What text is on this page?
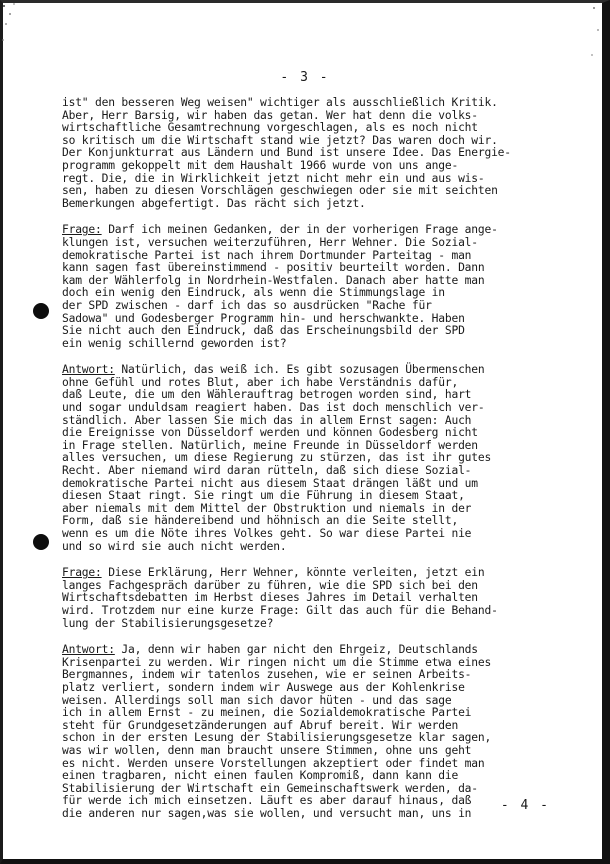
- 3 -
ist" den besseren Weg weisen" wichtiger als ausschließlich Kritik.
Aber, Herr Barsig, wir haben das getan. Wer hat denn die volks-
wirtschaftliche Gesamtrechnung vorgeschlagen, als es noch nicht
so kritisch um die Wirtschaft stand wie jetzt? Das waren doch wir.
Der Konjunkturrat aus Ländern und Bund ist unsere Idee. Das Energie-
programm gekoppelt mit dem Haushalt 1966 wurde von uns ange-
regt. Die, die in Wirklichkeit jetzt nicht mehr ein und aus wis-
sen, haben zu diesen Vorschlägen geschwiegen oder sie mit seichten
Bemerkungen abgefertigt. Das rächt sich jetzt.
Frage: Darf ich meinen Gedanken, der in der vorherigen Frage ange-
klungen ist, versuchen weiterzuführen, Herr Wehner. Die Sozial-
demokratische Partei ist nach ihrem Dortmunder Parteitag - man
kann sagen fast übereinstimmend - positiv beurteilt worden. Dann
kam der Wählerfolg in Nordrhein-Westfalen. Danach aber hatte man
doch ein wenig den Eindruck, als wenn die Stimmungslage in
der SPD zwischen - darf ich das so ausdrücken "Rache für
Sadowa" und Godesberger Programm hin- und herschwankte. Haben
Sie nicht auch den Eindruck, daß das Erscheinungsbild der SPD
ein wenig schillernd geworden ist?
Antwort: Natürlich, das weiß ich. Es gibt sozusagen Übermenschen
ohne Gefühl und rotes Blut, aber ich habe Verständnis dafür,
daß Leute, die um den Wählerauftrag betrogen worden sind, hart
und sogar unduldsam reagiert haben. Das ist doch menschlich ver-
ständlich. Aber lassen Sie mich das in allem Ernst sagen: Auch
die Ereignisse von Düsseldorf werden und können Godesberg nicht
in Frage stellen. Natürlich, meine Freunde in Düsseldorf werden
alles versuchen, um diese Regierung zu stürzen, das ist ihr gutes
Recht. Aber niemand wird daran rütteln, daß sich diese Sozial-
demokratische Partei nicht aus diesem Staat drängen läßt und um
diesen Staat ringt. Sie ringt um die Führung in diesem Staat,
aber niemals mit dem Mittel der Obstruktion und niemals in der
Form, daß sie händereibend und höhnisch an die Seite stellt,
wenn es um die Nöte ihres Volkes geht. So war diese Partei nie
und so wird sie auch nicht werden.
Frage: Diese Erklärung, Herr Wehner, könnte verleiten, jetzt ein
langes Fachgespräch darüber zu führen, wie die SPD sich bei den
Wirtschaftsdebatten im Herbst dieses Jahres im Detail verhalten
wird. Trotzdem nur eine kurze Frage: Gilt das auch für die Behand-
lung der Stabilisierungsgesetze?
Antwort: Ja, denn wir haben gar nicht den Ehrgeiz, Deutschlands
Krisenpartei zu werden. Wir ringen nicht um die Stimme etwa eines
Bergmannes, indem wir tatenlos zusehen, wie er seinen Arbeits-
platz verliert, sondern indem wir Auswege aus der Kohlenkrise
weisen. Allerdings soll man sich davor hüten - und das sage
ich in allem Ernst - zu meinen, die Sozialdemokratische Partei
steht für Grundgesetzänderungen auf Abruf bereit. Wir werden
schon in der ersten Lesung der Stabilisierungsgesetze klar sagen,
was wir wollen, denn man braucht unsere Stimmen, ohne uns geht
es nicht. Werden unsere Vorstellungen akzeptiert oder findet man
einen tragbaren, nicht einen faulen Kompromiß, dann kann die
Stabilisierung der Wirtschaft ein Gemeinschaftswerk werden, da-
für werde ich mich einsetzen. Läuft es aber darauf hinaus, daß
die anderen nur sagen,was sie wollen, und versucht man, uns in
- 4 -
